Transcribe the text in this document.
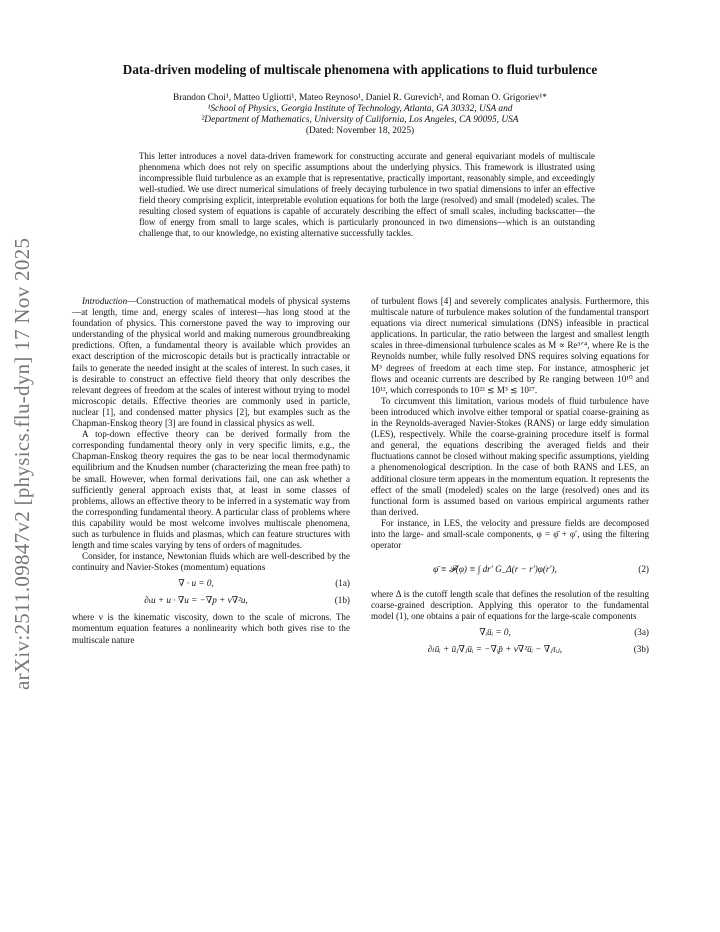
arXiv:2511.09847v2 [physics.flu-dyn] 17 Nov 2025
Data-driven modeling of multiscale phenomena with applications to fluid turbulence
Brandon Choi¹, Matteo Ugliotti¹, Mateo Reynoso¹, Daniel R. Gurevich², and Roman O. Grigoriev¹*
¹School of Physics, Georgia Institute of Technology, Atlanta, GA 30332, USA and
²Department of Mathematics, University of California, Los Angeles, CA 90095, USA
(Dated: November 18, 2025)
This letter introduces a novel data-driven framework for constructing accurate and general equivariant models of multiscale phenomena which does not rely on specific assumptions about the underlying physics. This framework is illustrated using incompressible fluid turbulence as an example that is representative, practically important, reasonably simple, and exceedingly well-studied. We use direct numerical simulations of freely decaying turbulence in two spatial dimensions to infer an effective field theory comprising explicit, interpretable evolution equations for both the large (resolved) and small (modeled) scales. The resulting closed system of equations is capable of accurately describing the effect of small scales, including backscatter—the flow of energy from small to large scales, which is particularly pronounced in two dimensions—which is an outstanding challenge that, to our knowledge, no existing alternative successfully tackles.

Introduction—Construction of mathematical models of physical systems—at length, time and, energy scales of interest—has long stood at the foundation of physics. This cornerstone paved the way to improving our understanding of the physical world and making numerous groundbreaking predictions. Often, a fundamental theory is available which provides an exact description of the microscopic details but is practically intractable or fails to generate the needed insight at the scales of interest. In such cases, it is desirable to construct an effective field theory that only describes the relevant degrees of freedom at the scales of interest without trying to model microscopic details. Effective theories are commonly used in particle, nuclear [1], and condensed matter physics [2], but examples such as the Chapman-Enskog theory [3] are found in classical physics as well.

A top-down effective theory can be derived formally from the corresponding fundamental theory only in very specific limits, e.g., the Chapman-Enskog theory requires the gas to be near local thermodynamic equilibrium and the Knudsen number (characterizing the mean free path) to be small. However, when formal derivations fail, one can ask whether a sufficiently general approach exists that, at least in some classes of problems, allows an effective theory to be inferred in a systematic way from the corresponding fundamental theory. A particular class of problems where this capability would be most welcome involves multiscale phenomena, such as turbulence in fluids and plasmas, which can feature structures with length and time scales varying by tens of orders of magnitudes.

Consider, for instance, Newtonian fluids which are well-described by the continuity and Navier-Stokes (momentum) equations

∇ · u = 0,	(1a)
∂ₜu + u · ∇u = −∇p + ν∇²u,	(1b)

where ν is the kinematic viscosity, down to the scale of microns. The momentum equation features a nonlinearity which both gives rise to the multiscale nature

of turbulent flows [4] and severely complicates analysis. Furthermore, this multiscale nature of turbulence makes solution of the fundamental transport equations via direct numerical simulations (DNS) infeasible in practical applications. In particular, the ratio between the largest and smallest length scales in three-dimensional turbulence scales as M ∝ Re³ᐟ⁴, where Re is the Reynolds number, while fully resolved DNS requires solving equations for M³ degrees of freedom at each time step. For instance, atmospheric jet flows and oceanic currents are described by Re ranging between 10¹⁰ and 10¹², which corresponds to 10²² ≲ M³ ≲ 10²⁷.

To circumvent this limitation, various models of fluid turbulence have been introduced which involve either temporal or spatial coarse-graining as in the Reynolds-averaged Navier-Stokes (RANS) or large eddy simulation (LES), respectively. While the coarse-graining procedure itself is formal and general, the equations describing the averaged fields and their fluctuations cannot be closed without making specific assumptions, yielding a phenomenological description. In the case of both RANS and LES, an additional closure term appears in the momentum equation. It represents the effect of the small (modeled) scales on the large (resolved) ones and its functional form is assumed based on various empirical arguments rather than derived.

For instance, in LES, the velocity and pressure fields are decomposed into the large- and small-scale components, φ = φ̄ + φ′, using the filtering operator

φ̄ ≡ 𝓕(φ) ≡ ∫ dr′ G_Δ(r − r′)φ(r′),	(2)

where Δ is the cutoff length scale that defines the resolution of the resulting coarse-grained description. Applying this operator to the fundamental model (1), one obtains a pair of equations for the large-scale components

∇ᵢūᵢ = 0,	(3a)
∂ₜūᵢ + ūⱼ∇ⱼūᵢ = −∇ᵢp̄ + ν∇²ūᵢ − ∇ⱼτᵢⱼ,	(3b)
